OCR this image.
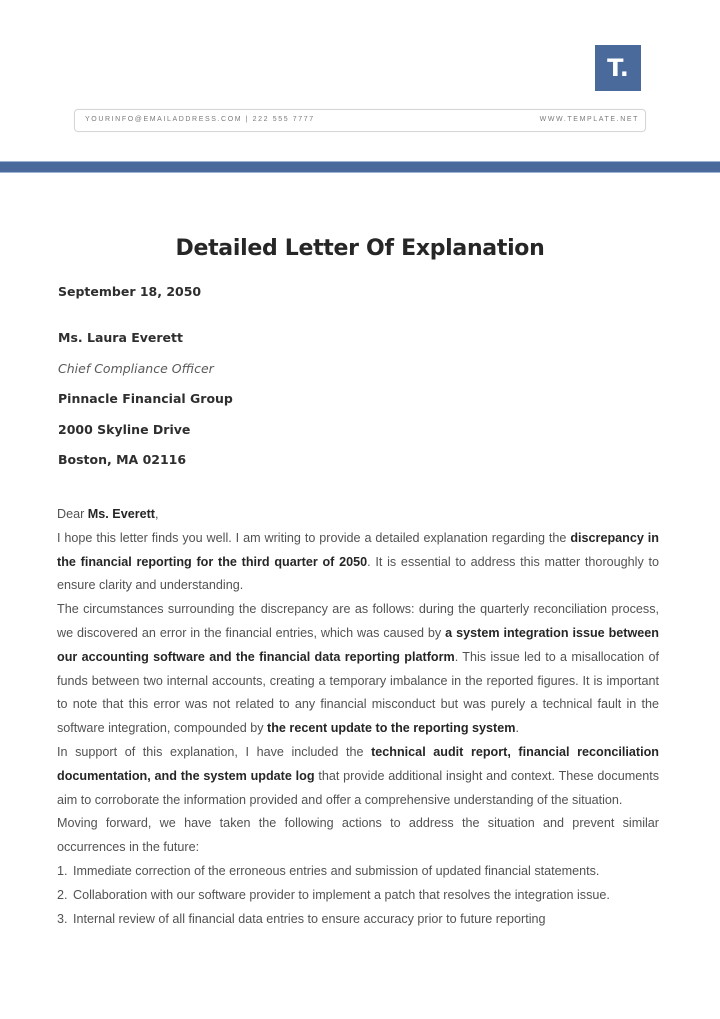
T.
YOURINFO@EMAILADDRESS.COM | 222 555 7777	WWW.TEMPLATE.NET
Detailed Letter Of Explanation
September 18, 2050
Ms. Laura Everett
Chief Compliance Officer
Pinnacle Financial Group
2000 Skyline Drive
Boston, MA 02116

Dear Ms. Everett,

I hope this letter finds you well. I am writing to provide a detailed explanation regarding the discrepancy in the financial reporting for the third quarter of 2050. It is essential to address this matter thoroughly to ensure clarity and understanding.

The circumstances surrounding the discrepancy are as follows: during the quarterly reconciliation process, we discovered an error in the financial entries, which was caused by a system integration issue between our accounting software and the financial data reporting platform. This issue led to a misallocation of funds between two internal accounts, creating a temporary imbalance in the reported figures. It is important to note that this error was not related to any financial misconduct but was purely a technical fault in the software integration, compounded by the recent update to the reporting system.

In support of this explanation, I have included the technical audit report, financial reconciliation documentation, and the system update log that provide additional insight and context. These documents aim to corroborate the information provided and offer a comprehensive understanding of the situation.

Moving forward, we have taken the following actions to address the situation and prevent similar occurrences in the future:

1. Immediate correction of the erroneous entries and submission of updated financial statements.
2. Collaboration with our software provider to implement a patch that resolves the integration issue.
3. Internal review of all financial data entries to ensure accuracy prior to future reporting
